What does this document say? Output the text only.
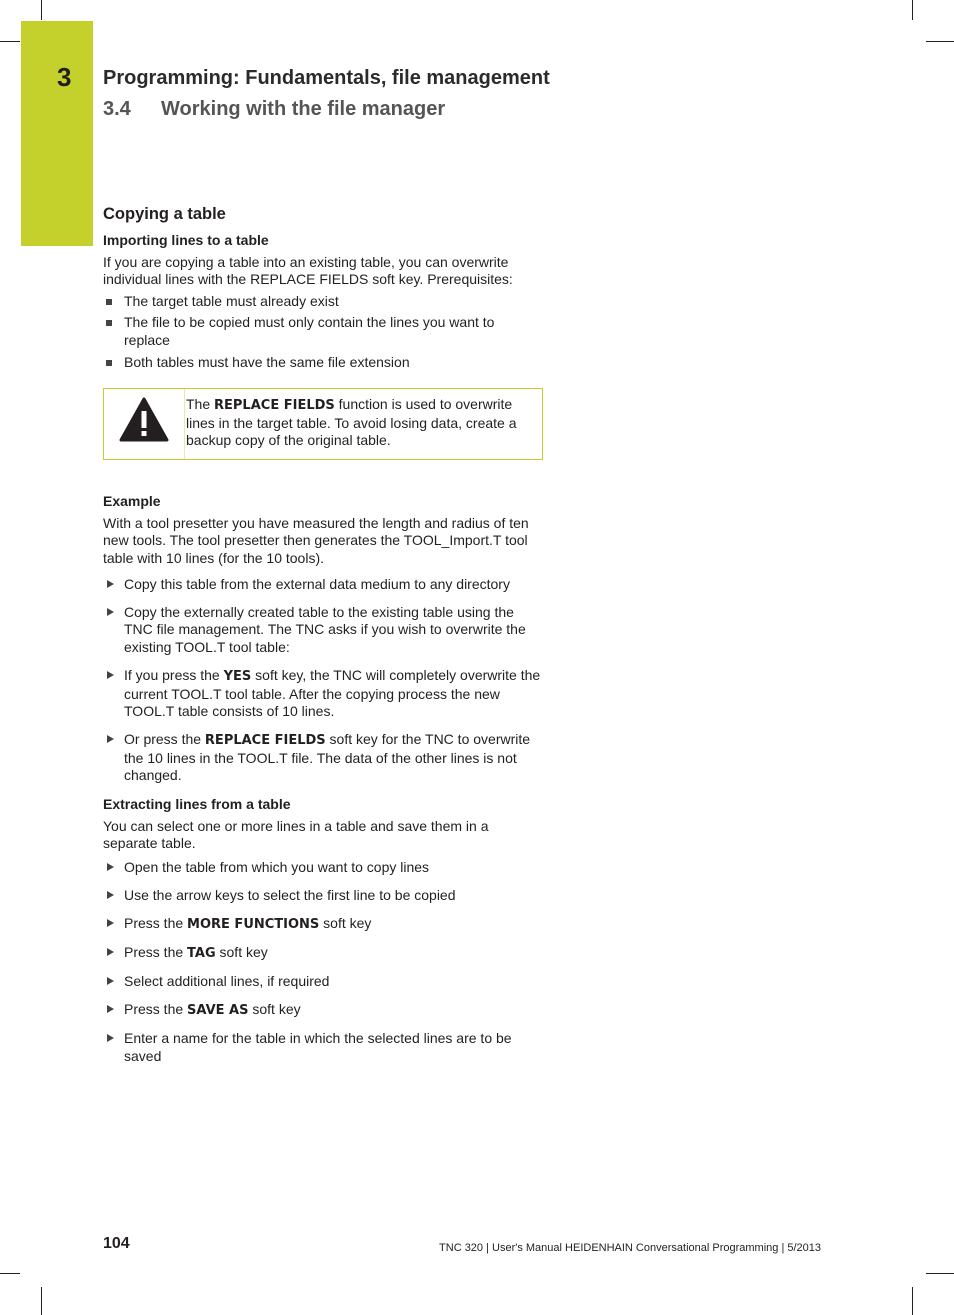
3 Programming: Fundamentals, file management
3.4 Working with the file manager
Copying a table
Importing lines to a table

If you are copying a table into an existing table, you can overwrite individual lines with the REPLACE FIELDS soft key. Prerequisites:

The target table must already exist
The file to be copied must only contain the lines you want to replace
Both tables must have the same file extension
The REPLACE FIELDS function is used to overwrite lines in the target table. To avoid losing data, create a backup copy of the original table.
Example

With a tool presetter you have measured the length and radius of ten new tools. The tool presetter then generates the TOOL_Import.T tool table with 10 lines (for the 10 tools).

Copy this table from the external data medium to any directory
Copy the externally created table to the existing table using the TNC file management. The TNC asks if you wish to overwrite the existing TOOL.T tool table:
If you press the YES soft key, the TNC will completely overwrite the current TOOL.T tool table. After the copying process the new TOOL.T table consists of 10 lines.
Or press the REPLACE FIELDS soft key for the TNC to overwrite the 10 lines in the TOOL.T file. The data of the other lines is not changed.
Extracting lines from a table

You can select one or more lines in a table and save them in a separate table.

Open the table from which you want to copy lines
Use the arrow keys to select the first line to be copied
Press the MORE FUNCTIONS soft key
Press the TAG soft key
Select additional lines, if required
Press the SAVE AS soft key
Enter a name for the table in which the selected lines are to be saved
104	TNC 320 | User's Manual HEIDENHAIN Conversational Programming | 5/2013
